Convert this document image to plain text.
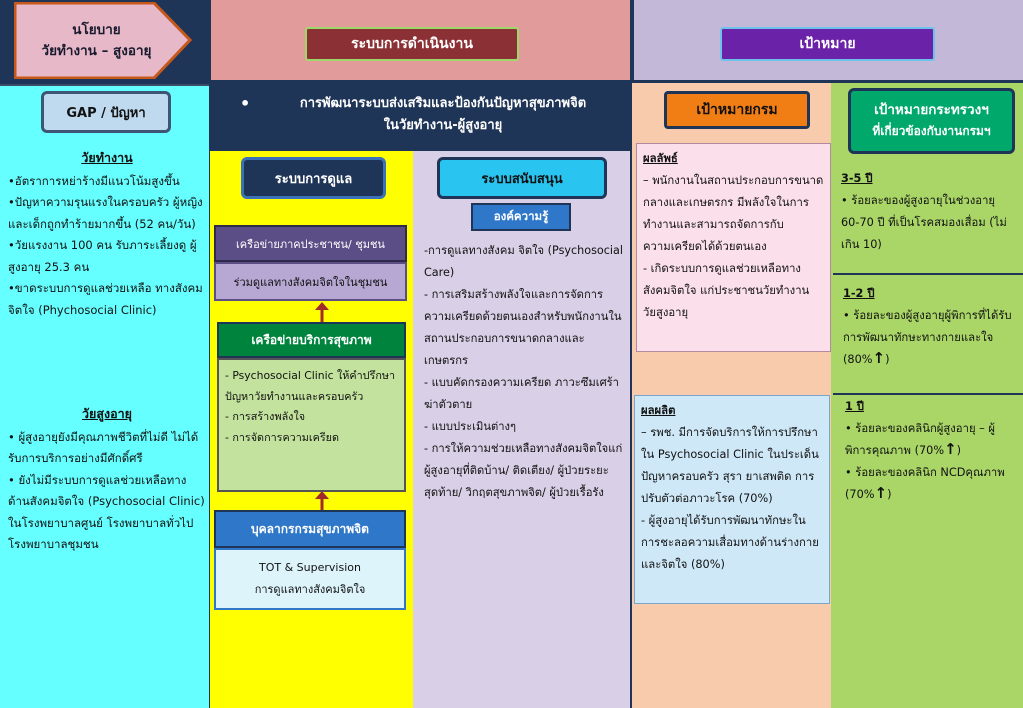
นโยบาย
วัยทำงาน – สูงอายุ	ระบบการดำเนินงาน	เป้าหมาย
GAP / ปัญหา
วัยทำงาน
•อัตราการหย่าร้างมีแนวโน้มสูงขึ้น
•ปัญหาความรุนแรงในครอบครัว ผู้หญิง และเด็กถูกทำร้ายมากขึ้น (52 คน/วัน)
•วัยแรงงาน 100 คน รับภาระเลี้ยงดู ผู้สูงอายุ 25.3 คน
•ขาดระบบการดูแลช่วยเหลือ ทางสังคมจิตใจ (Phychosocial Clinic)
วัยสูงอายุ
• ผู้สูงอายุยังมีคุณภาพชีวิตที่ไม่ดี ไม่ได้รับการบริการอย่างมีศักดิ์ศรี
• ยังไม่มีระบบการดูแลช่วยเหลือทางด้านสังคมจิตใจ (Psychosocial Clinic) ในโรงพยาบาลศูนย์ โรงพยาบาลทั่วไป โรงพยาบาลชุมชน
•	การพัฒนาระบบส่งเสริมและป้องกันปัญหาสุขภาพจิต
ในวัยทำงาน-ผู้สูงอายุ
ระบบการดูแล
เครือข่ายภาคประชาชน/ ชุมชน
ร่วมดูแลทางสังคมจิตใจในชุมชน
เครือข่ายบริการสุขภาพ
- Psychosocial Clinic ให้คำปรึกษาปัญหาวัยทำงานและครอบครัว
- การสร้างพลังใจ
- การจัดการความเครียด
บุคลากรกรมสุขภาพจิต
TOT & Supervision
การดูแลทางสังคมจิตใจ
ระบบสนับสนุน
องค์ความรู้
-การดูแลทางสังคม จิตใจ (Psychosocial Care)
- การเสริมสร้างพลังใจและการจัดการความเครียดด้วยตนเองสำหรับพนักงานในสถานประกอบการขนาดกลางและเกษตรกร
- แบบคัดกรองความเครียด ภาวะซึมเศร้า ฆ่าตัวตาย
- แบบประเมินต่างๆ
- การให้ความช่วยเหลือทางสังคมจิตใจแก่ผู้สูงอายุที่ติดบ้าน/ ติดเตียง/ ผู้ป่วยระยะสุดท้าย/ วิกฤตสุขภาพจิต/ ผู้ป่วยเรื้อรัง
เป้าหมายกรม
ผลลัพธ์
– พนักงานในสถานประกอบการขนาดกลางและเกษตรกร มีพลังใจในการทำงานและสามารถจัดการกับความเครียดได้ด้วยตนเอง
- เกิดระบบการดูแลช่วยเหลือทางสังคมจิตใจ แก่ประชาชนวัยทำงาน วัยสูงอายุ
ผลผลิต
– รพช. มีการจัดบริการให้การปรึกษาใน Psychosocial Clinic ในประเด็นปัญหาครอบครัว สุรา ยาเสพติด การปรับตัวต่อภาวะโรค (70%)
- ผู้สูงอายุได้รับการพัฒนาทักษะในการชะลอความเสื่อมทางด้านร่างกายและจิตใจ (80%)
เป้าหมายกระทรวงฯ
ที่เกี่ยวข้องกับงานกรมฯ
3-5 ปี
• ร้อยละของผู้สูงอายุในช่วงอายุ 60-70 ปี ที่เป็นโรคสมองเสื่อม (ไม่เกิน 10)
1-2 ปี
• ร้อยละของผู้สูงอายุผู้พิการที่ได้รับการพัฒนาทักษะทางกายและใจ (80%↑)
1 ปี
• ร้อยละของคลินิกผู้สูงอายุ – ผู้พิการคุณภาพ (70%↑)
• ร้อยละของคลินิก NCDคุณภาพ (70%↑)
